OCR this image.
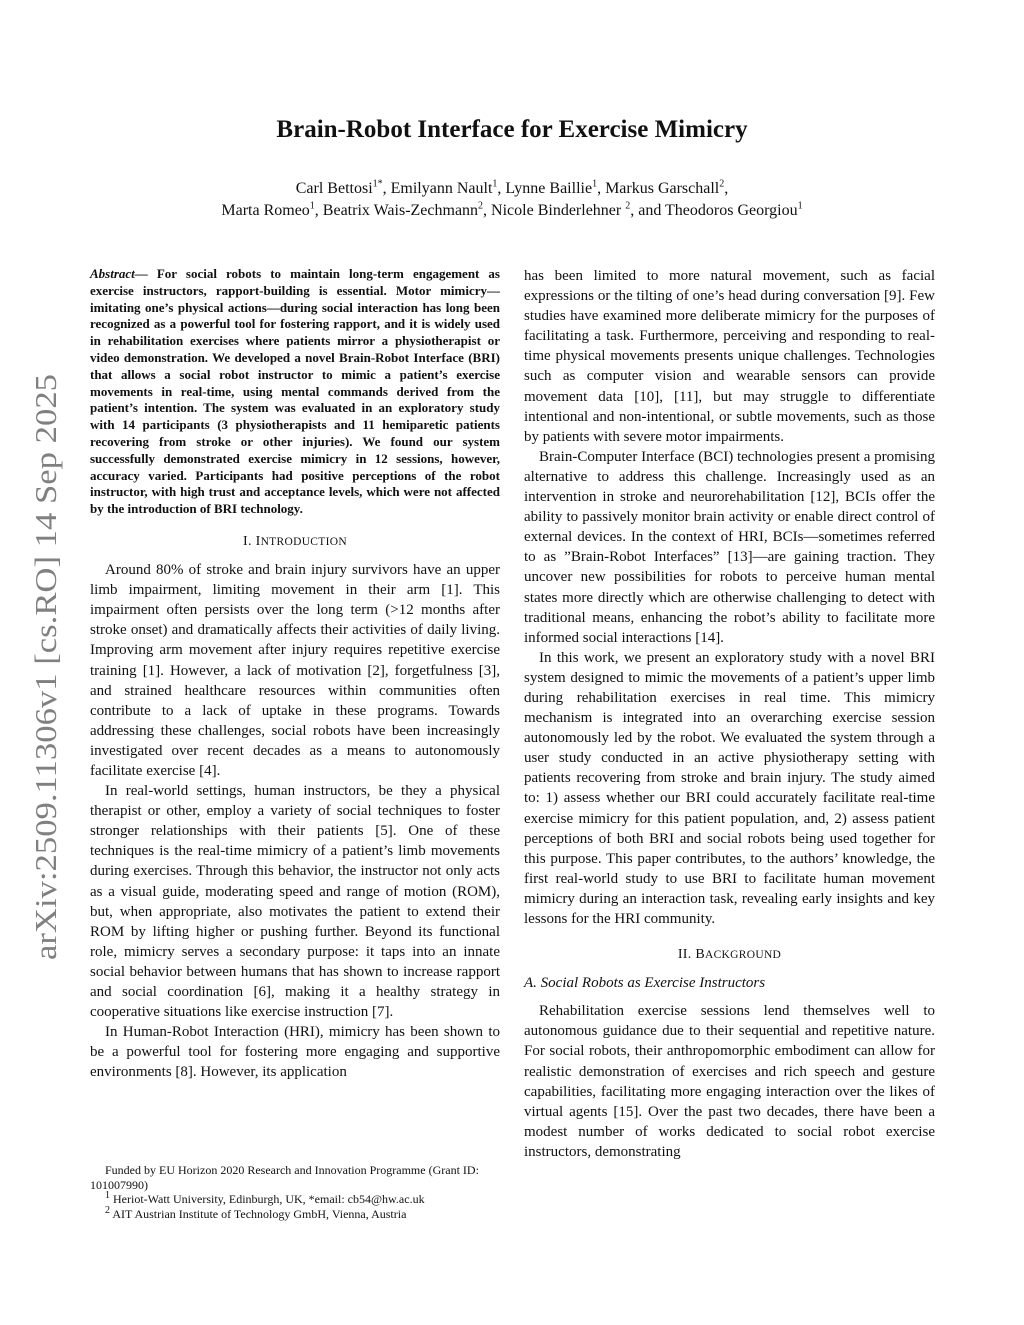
arXiv:2509.11306v1 [cs.RO] 14 Sep 2025
Brain-Robot Interface for Exercise Mimicry
Carl Bettosi$^{1*}$, Emilyann Nault$^1$, Lynne Baillie$^1$, Markus Garschall$^2$,
Marta Romeo$^1$, Beatrix Wais-Zechmann$^2$, Nicole Binderlehner $^2$, and Theodoros Georgiou$^1$

Abstract— For social robots to maintain long-term engagement as exercise instructors, rapport-building is essential. Motor mimicry—imitating one’s physical actions—during social interaction has long been recognized as a powerful tool for fostering rapport, and it is widely used in rehabilitation exercises where patients mirror a physiotherapist or video demonstration. We developed a novel Brain-Robot Interface (BRI) that allows a social robot instructor to mimic a patient’s exercise movements in real-time, using mental commands derived from the patient’s intention. The system was evaluated in an exploratory study with 14 participants (3 physiotherapists and 11 hemiparetic patients recovering from stroke or other injuries). We found our system successfully demonstrated exercise mimicry in 12 sessions, however, accuracy varied. Participants had positive perceptions of the robot instructor, with high trust and acceptance levels, which were not affected by the introduction of BRI technology.

I. INTRODUCTION

Around 80% of stroke and brain injury survivors have an upper limb impairment, limiting movement in their arm [1]. This impairment often persists over the long term (>12 months after stroke onset) and dramatically affects their activities of daily living. Improving arm movement after injury requires repetitive exercise training [1]. However, a lack of motivation [2], forgetfulness [3], and strained healthcare resources within communities often contribute to a lack of uptake in these programs. Towards addressing these challenges, social robots have been increasingly investigated over recent decades as a means to autonomously facilitate exercise [4].

In real-world settings, human instructors, be they a physical therapist or other, employ a variety of social techniques to foster stronger relationships with their patients [5]. One of these techniques is the real-time mimicry of a patient’s limb movements during exercises. Through this behavior, the instructor not only acts as a visual guide, moderating speed and range of motion (ROM), but, when appropriate, also motivates the patient to extend their ROM by lifting higher or pushing further. Beyond its functional role, mimicry serves a secondary purpose: it taps into an innate social behavior between humans that has shown to increase rapport and social coordination [6], making it a healthy strategy in cooperative situations like exercise instruction [7].

In Human-Robot Interaction (HRI), mimicry has been shown to be a powerful tool for fostering more engaging and supportive environments [8]. However, its application

Funded by EU Horizon 2020 Research and Innovation Programme (Grant ID: 101007990)

$^1$ Heriot-Watt University, Edinburgh, UK, *email: cb54@hw.ac.uk

$^2$ AIT Austrian Institute of Technology GmbH, Vienna, Austria

has been limited to more natural movement, such as facial expressions or the tilting of one’s head during conversation [9]. Few studies have examined more deliberate mimicry for the purposes of facilitating a task. Furthermore, perceiving and responding to real-time physical movements presents unique challenges. Technologies such as computer vision and wearable sensors can provide movement data [10], [11], but may struggle to differentiate intentional and non-intentional, or subtle movements, such as those by patients with severe motor impairments.

Brain-Computer Interface (BCI) technologies present a promising alternative to address this challenge. Increasingly used as an intervention in stroke and neurorehabilitation [12], BCIs offer the ability to passively monitor brain activity or enable direct control of external devices. In the context of HRI, BCIs—sometimes referred to as ”Brain-Robot Interfaces” [13]—are gaining traction. They uncover new possibilities for robots to perceive human mental states more directly which are otherwise challenging to detect with traditional means, enhancing the robot’s ability to facilitate more informed social interactions [14].

In this work, we present an exploratory study with a novel BRI system designed to mimic the movements of a patient’s upper limb during rehabilitation exercises in real time. This mimicry mechanism is integrated into an overarching exercise session autonomously led by the robot. We evaluated the system through a user study conducted in an active physiotherapy setting with patients recovering from stroke and brain injury. The study aimed to: 1) assess whether our BRI could accurately facilitate real-time exercise mimicry for this patient population, and, 2) assess patient perceptions of both BRI and social robots being used together for this purpose. This paper contributes, to the authors’ knowledge, the first real-world study to use BRI to facilitate human movement mimicry during an interaction task, revealing early insights and key lessons for the HRI community.

II. BACKGROUND
A. Social Robots as Exercise Instructors

Rehabilitation exercise sessions lend themselves well to autonomous guidance due to their sequential and repetitive nature. For social robots, their anthropomorphic embodiment can allow for realistic demonstration of exercises and rich speech and gesture capabilities, facilitating more engaging interaction over the likes of virtual agents [15]. Over the past two decades, there have been a modest number of works dedicated to social robot exercise instructors, demonstrating
